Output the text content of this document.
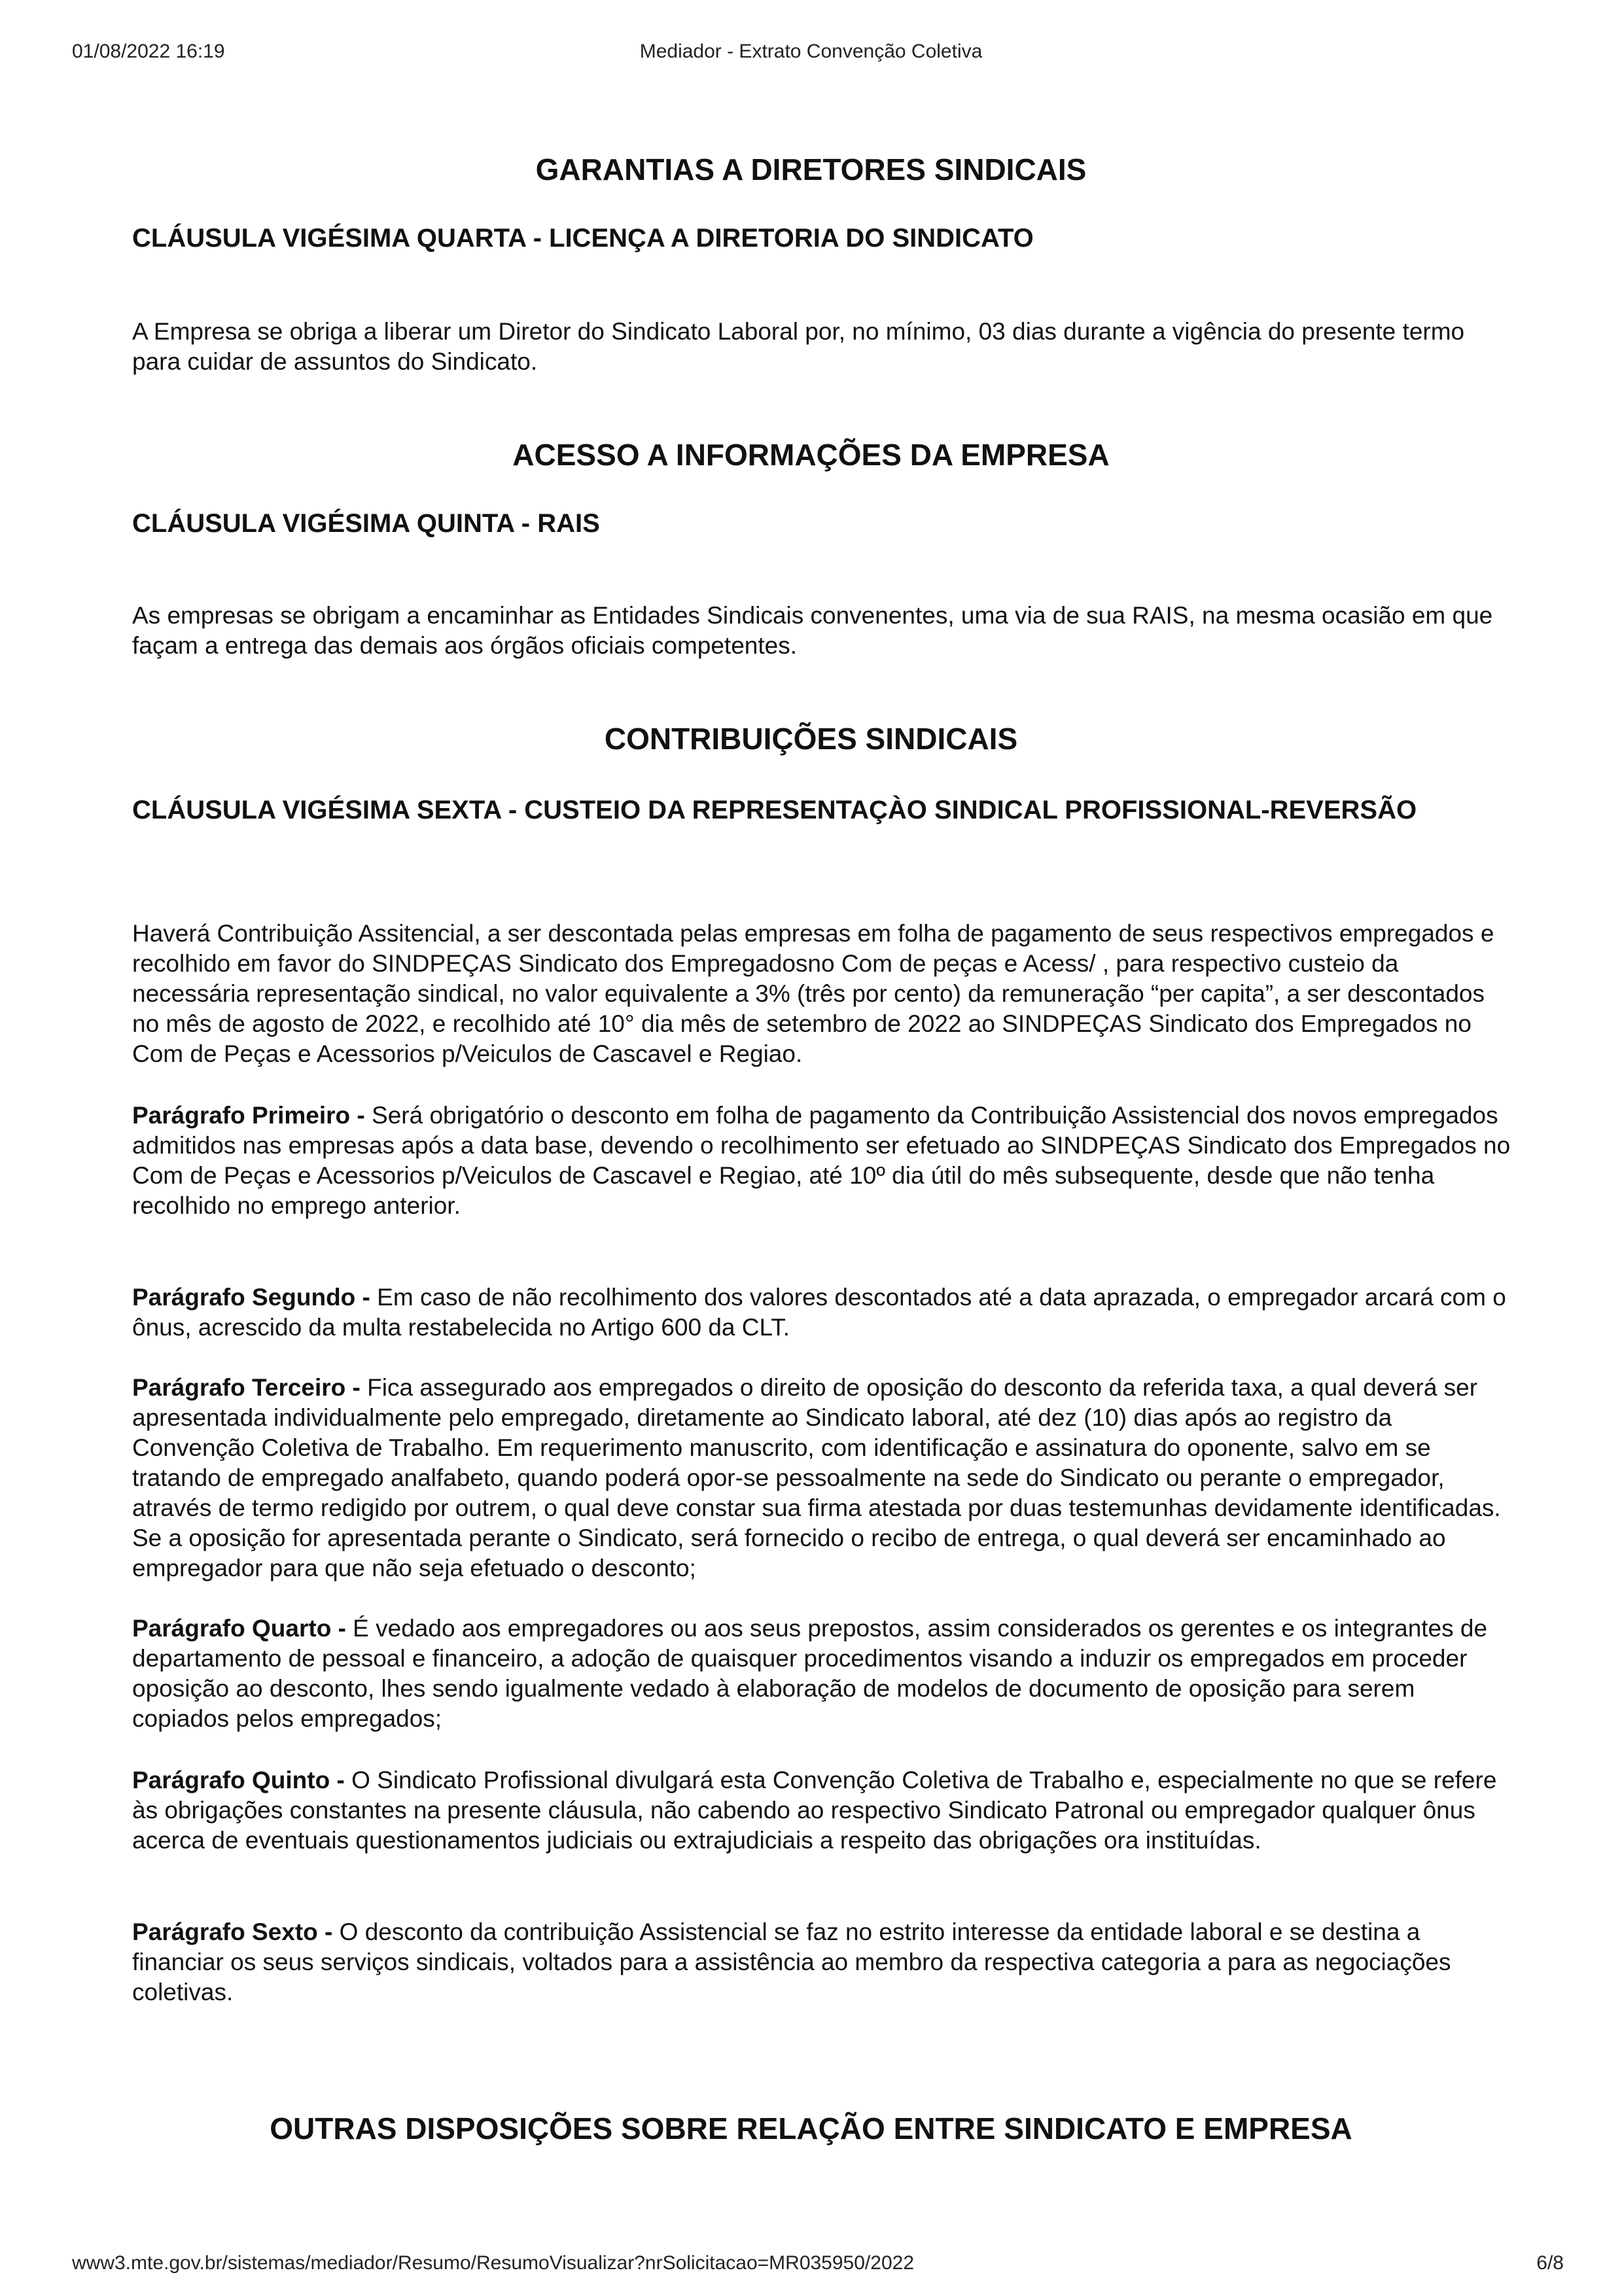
01/08/2022 16:19	Mediador - Extrato Convenção Coletiva
GARANTIAS A DIRETORES SINDICAIS
CLÁUSULA VIGÉSIMA QUARTA - LICENÇA A DIRETORIA DO SINDICATO

A Empresa se obriga a liberar um Diretor do Sindicato Laboral por, no mínimo, 03 dias durante a vigência do presente termo para cuidar de assuntos do Sindicato.

ACESSO A INFORMAÇÕES DA EMPRESA
CLÁUSULA VIGÉSIMA QUINTA - RAIS

As empresas se obrigam a encaminhar as Entidades Sindicais convenentes, uma via de sua RAIS, na mesma ocasião em que façam a entrega das demais aos órgãos oficiais competentes.

CONTRIBUIÇÕES SINDICAIS
CLÁUSULA VIGÉSIMA SEXTA - CUSTEIO DA REPRESENTAÇÀO SINDICAL PROFISSIONAL-REVERSÃO

Haverá Contribuição Assitencial, a ser descontada pelas empresas em folha de pagamento de seus respectivos empregados e recolhido em favor do SINDPEÇAS Sindicato dos Empregadosno Com de peças e Acess/ , para respectivo custeio da necessária representação sindical, no valor equivalente a 3% (três por cento) da remuneração “per capita”, a ser descontados no mês de agosto de 2022, e recolhido até 10° dia mês de setembro de 2022 ao SINDPEÇAS Sindicato dos Empregados no Com de Peças e Acessorios p/Veiculos de Cascavel e Regiao.

Parágrafo Primeiro - Será obrigatório o desconto em folha de pagamento da Contribuição Assistencial dos novos empregados admitidos nas empresas após a data base, devendo o recolhimento ser efetuado ao SINDPEÇAS Sindicato dos Empregados no Com de Peças e Acessorios p/Veiculos de Cascavel e Regiao, até 10º dia útil do mês subsequente, desde que não tenha recolhido no emprego anterior.

Parágrafo Segundo - Em caso de não recolhimento dos valores descontados até a data aprazada, o empregador arcará com o ônus, acrescido da multa restabelecida no Artigo 600 da CLT.

Parágrafo Terceiro - Fica assegurado aos empregados o direito de oposição do desconto da referida taxa, a qual deverá ser apresentada individualmente pelo empregado, diretamente ao Sindicato laboral, até dez (10) dias após ao registro da Convenção Coletiva de Trabalho. Em requerimento manuscrito, com identificação e assinatura do oponente, salvo em se tratando de empregado analfabeto, quando poderá opor-se pessoalmente na sede do Sindicato ou perante o empregador, através de termo redigido por outrem, o qual deve constar sua firma atestada por duas testemunhas devidamente identificadas. Se a oposição for apresentada perante o Sindicato, será fornecido o recibo de entrega, o qual deverá ser encaminhado ao empregador para que não seja efetuado o desconto;

Parágrafo Quarto - É vedado aos empregadores ou aos seus prepostos, assim considerados os gerentes e os integrantes de departamento de pessoal e financeiro, a adoção de quaisquer procedimentos visando a induzir os empregados em proceder oposição ao desconto, lhes sendo igualmente vedado à elaboração de modelos de documento de oposição para serem copiados pelos empregados;

Parágrafo Quinto - O Sindicato Profissional divulgará esta Convenção Coletiva de Trabalho e, especialmente no que se refere às obrigações constantes na presente cláusula, não cabendo ao respectivo Sindicato Patronal ou empregador qualquer ônus acerca de eventuais questionamentos judiciais ou extrajudiciais a respeito das obrigações ora instituídas.

Parágrafo Sexto - O desconto da contribuição Assistencial se faz no estrito interesse da entidade laboral e se destina a financiar os seus serviços sindicais, voltados para a assistência ao membro da respectiva categoria a para as negociações coletivas.

OUTRAS DISPOSIÇÕES SOBRE RELAÇÃO ENTRE SINDICATO E EMPRESA
www3.mte.gov.br/sistemas/mediador/Resumo/ResumoVisualizar?nrSolicitacao=MR035950/2022	6/8
